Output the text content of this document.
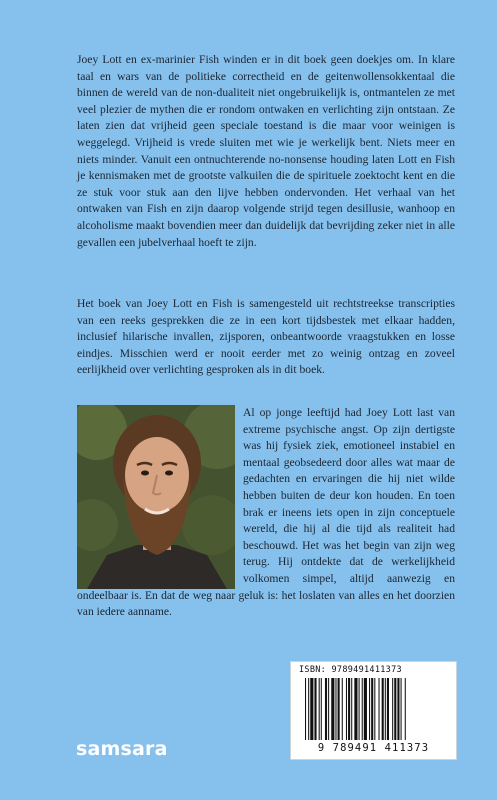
Joey Lott en ex-marinier Fish winden er in dit boek geen doekjes om. In klare taal en wars van de politieke correctheid en de geitenwollensokkentaal die binnen de wereld van de non-dualiteit niet ongebruikelijk is, ontmantelen ze met veel plezier de mythen die er rondom ontwaken en verlichting zijn ontstaan. Ze laten zien dat vrijheid geen speciale toestand is die maar voor weinigen is weggelegd. Vrijheid is vrede sluiten met wie je werkelijk bent. Niets meer en niets minder. Vanuit een ontnuchterende no-nonsense houding laten Lott en Fish je kennismaken met de grootste valkuilen die de spirituele zoektocht kent en die ze stuk voor stuk aan den lijve hebben ondervonden. Het verhaal van het ontwaken van Fish en zijn daarop volgende strijd tegen desillusie, wanhoop en alcoholisme maakt bovendien meer dan duidelijk dat bevrijding zeker niet in alle gevallen een jubelverhaal hoeft te zijn.

Het boek van Joey Lott en Fish is samengesteld uit rechtstreekse transcripties van een reeks gesprekken die ze in een kort tijdsbestek met elkaar hadden, inclusief hilarische invallen, zijsporen, onbeantwoorde vraagstukken en losse eindjes. Misschien werd er nooit eerder met zo weinig ontzag en zoveel eerlijkheid over verlichting gesproken als in dit boek.

Al op jonge leeftijd had Joey Lott last van extreme psychische angst. Op zijn dertigste was hij fysiek ziek, emotioneel instabiel en mentaal geobsedeerd door alles wat maar de gedachten en ervaringen die hij niet wilde hebben buiten de deur kon houden. En toen brak er ineens iets open in zijn conceptuele wereld, die hij al die tijd als realiteit had beschouwd. Het was het begin van zijn weg terug. Hij ontdekte dat de werkelijkheid volkomen simpel, altijd aanwezig en ondeelbaar is. En dat de weg naar geluk is: het loslaten van alles en het doorzien van iedere aanname.
ISBN: 9789491411373
9 789491 411373
samsara
